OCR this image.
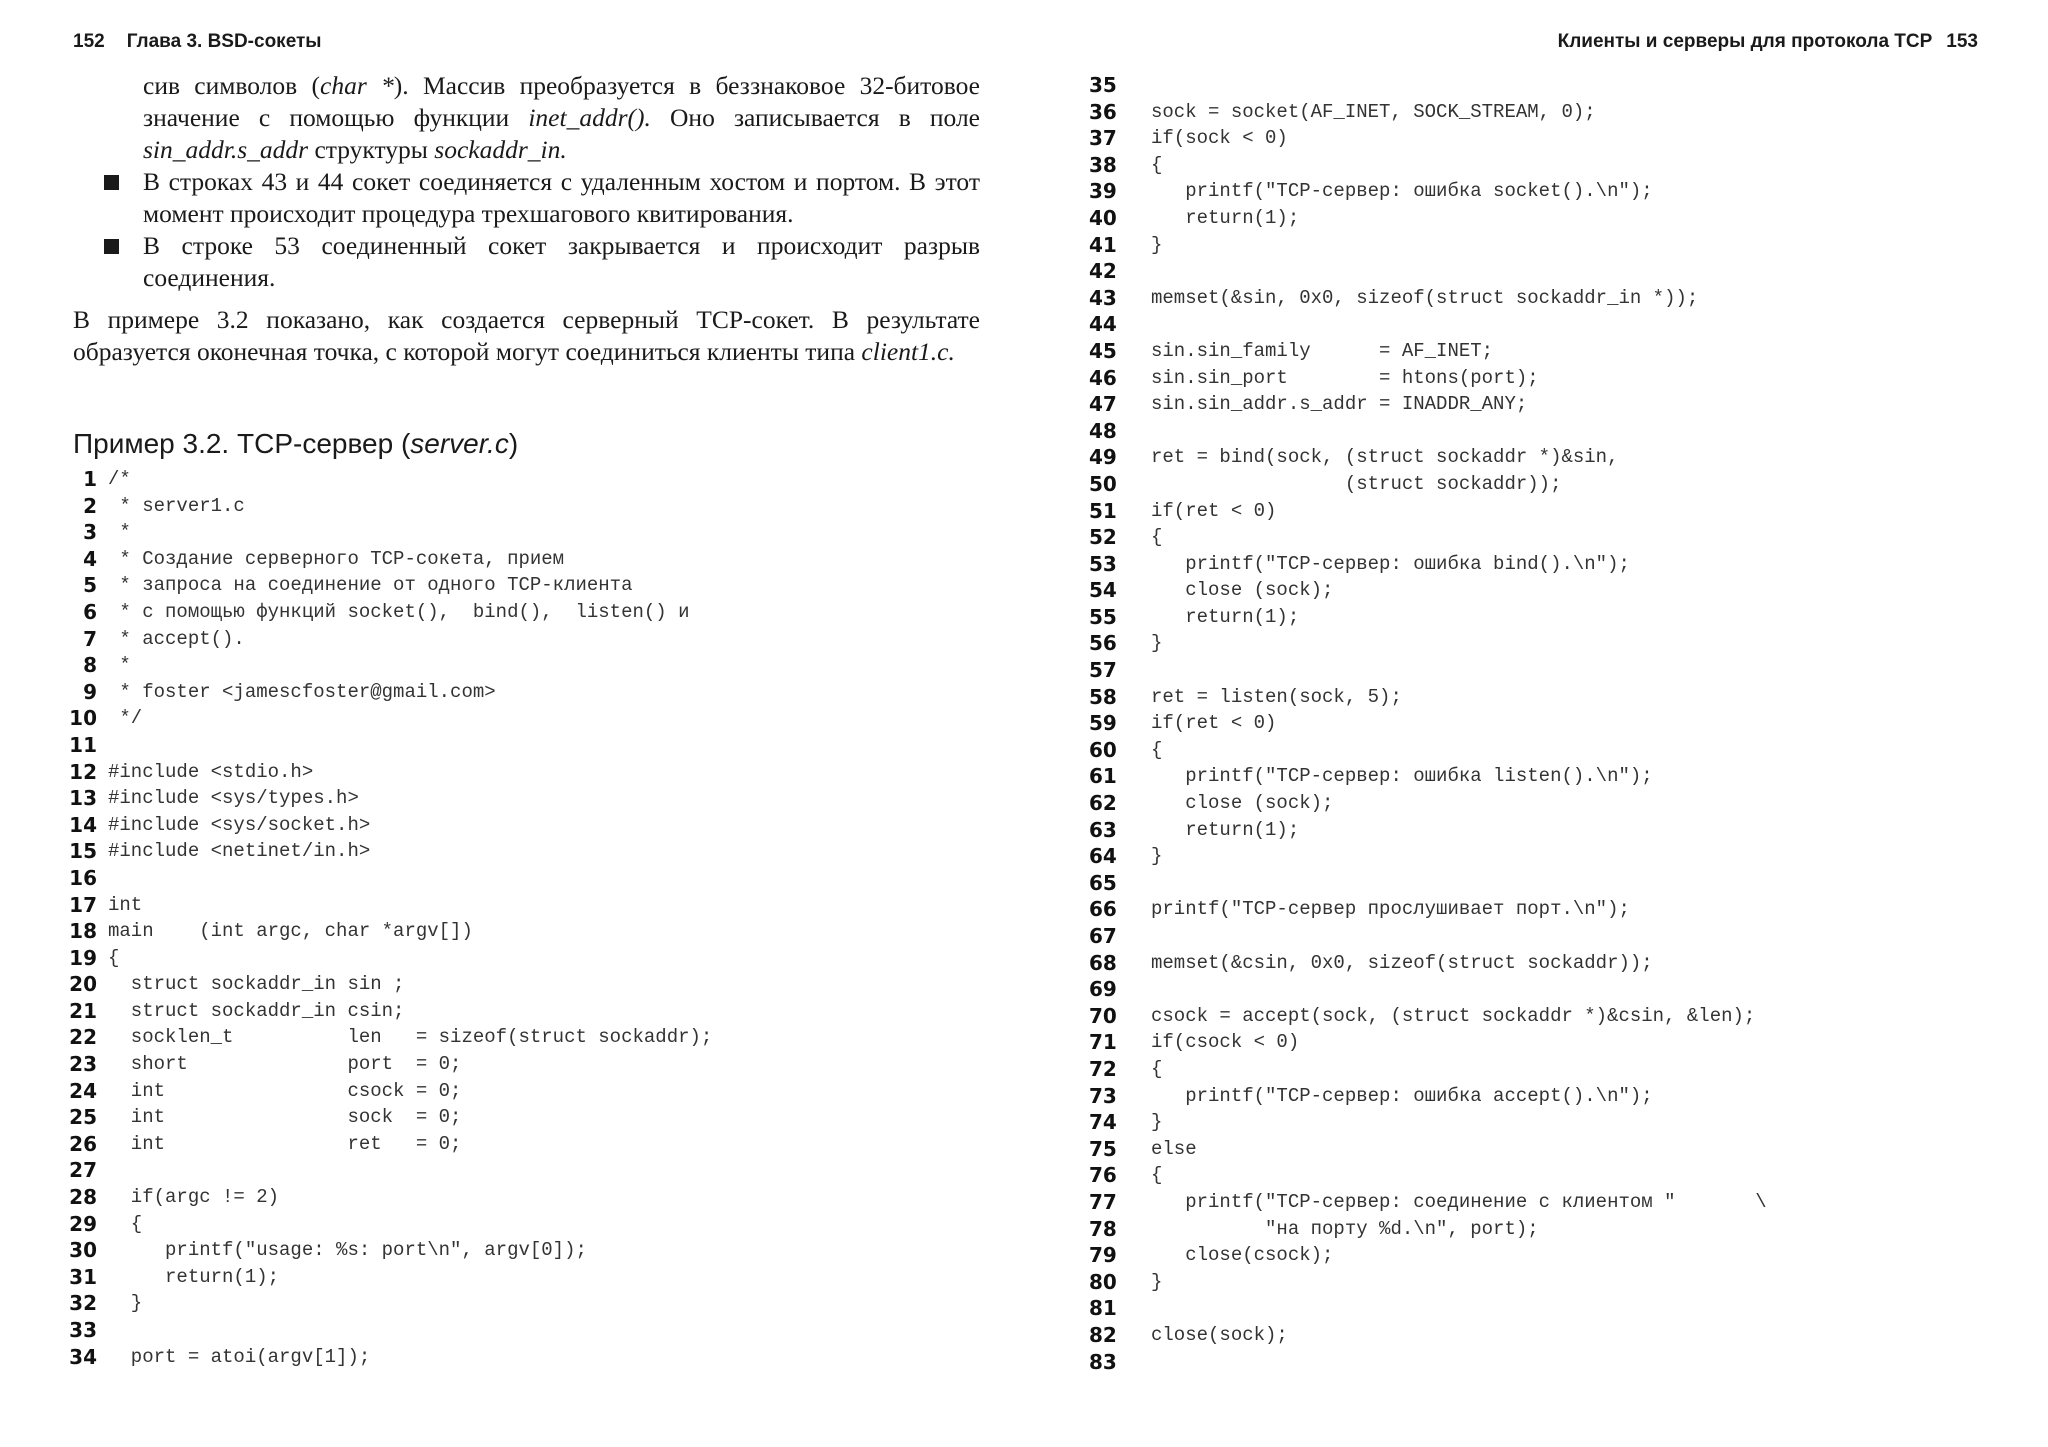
152 Глава 3. BSD-сокеты	Клиенты и серверы для протокола TCP 153

сив символов (char *). Массив преобразуется в беззнаковое 32-битовое значение с помощью функции inet_addr(). Оно записывается в поле sin_addr.s_addr структуры sockaddr_in.

В строках 43 и 44 сокет соединяется с удаленным хостом и портом. В этот момент происходит процедура трехшагового квитирования.
В строке 53 соединенный сокет закрывается и происходит разрыв соединения.

В примере 3.2 показано, как создается серверный TCP-сокет. В результате образуется оконечная точка, с которой могут соединиться клиенты типа client1.c.

Пример 3.2. TCP-сервер (server.c)
1 /*
2 * server1.c
3 *
4 * Создание серверного TCP-сокета, прием
5 * запроса на соединение от одного TCP-клиента
6 * с помощью функций socket(),  bind(),  listen() и
7 * accept().
8 *
9 * foster <jamescfoster@gmail.com>
10 */
11
12 #include <stdio.h>
13 #include <sys/types.h>
14 #include <sys/socket.h>
15 #include <netinet/in.h>
16
17 int
18 main    (int argc, char *argv[])
19 {
20 struct sockaddr_in sin ;
21 struct sockaddr_in csin;
22 socklen_t          len   = sizeof(struct sockaddr);
23 short              port  = 0;
24 int                csock = 0;
25 int                sock  = 0;
26 int                ret   = 0;
27
28 if(argc != 2)
29 {
30 printf("usage: %s: port\n", argv[0]);
31 return(1);
32 }
33
34 port = atoi(argv[1]);
35
36 sock = socket(AF_INET, SOCK_STREAM, 0);
37 if(sock < 0)
38 {
39 printf("TCP-сервер: ошибка socket().\n");
40 return(1);
41 }
42
43 memset(&sin, 0x0, sizeof(struct sockaddr_in *));
44
45 sin.sin_family      = AF_INET;
46 sin.sin_port        = htons(port);
47 sin.sin_addr.s_addr = INADDR_ANY;
48
49 ret = bind(sock, (struct sockaddr *)&sin,
50 (struct sockaddr));
51 if(ret < 0)
52 {
53 printf("TCP-сервер: ошибка bind().\n");
54 close (sock);
55 return(1);
56 }
57
58 ret = listen(sock, 5);
59 if(ret < 0)
60 {
61 printf("TCP-сервер: ошибка listen().\n");
62 close (sock);
63 return(1);
64 }
65
66 printf("TCP-сервер прослушивает порт.\n");
67
68 memset(&csin, 0x0, sizeof(struct sockaddr));
69
70 csock = accept(sock, (struct sockaddr *)&csin, &len);
71 if(csock < 0)
72 {
73 printf("TCP-сервер: ошибка accept().\n");
74 }
75 else
76 {
77 printf("TCP-сервер: соединение с клиентом "       \
78 "на порту %d.\n", port);
79 close(csock);
80 }
81
82 close(sock);
83
